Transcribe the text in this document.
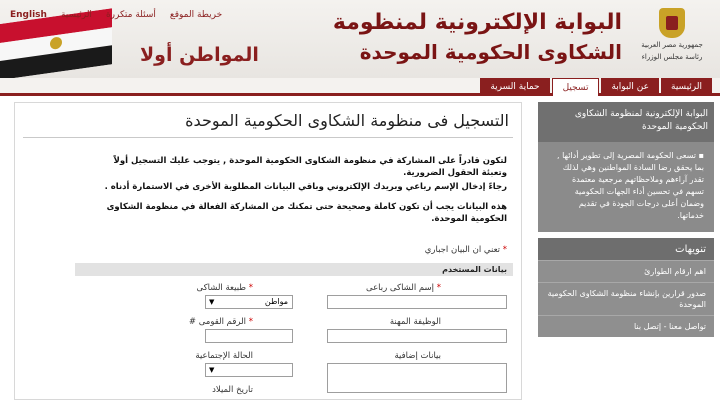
English الرئيسية أسئلة متكررة خريطة الموقع
المواطن أولا
البوابة الإلكترونية لمنظومة
الشكاوى الحكومية الموحدة	جمهورية مصر العربية
رئاسة مجلس الوزراء
الرئيسية
عن البوابة
تسجيل
حماية السرية
البوابة الإلكترونية لمنظومة الشكاوى الحكومية الموحدة
▪ تسعى الحكومة المصرية إلى تطوير أدائها ,
بما يحقق رضا السادة المواطنين وهي لذلك
تقدر آراءهم وملاحظاتهم مرجعية معتمدة
تسهم في تحسين أداء الجهات الحكومية
وضمان أعلى درجات الجودة في تقديم
خدماتها.
تنويهات
اهم ارقام الطوارئ
صدور قرارين بإنشاء منظومة الشكاوى الحكومية الموحدة
تواصل معنا - إتصل بنا
التسجيل فى منظومة الشكاوى الحكومية الموحدة

لتكون قادراً على المشاركة في منظومة الشكاوى الحكومية الموحدة , يتوجب عليك التسجيل أولاً وتعبئة الحقول الضرورية.

رجاءً إدخال الإسم رباعي وبريدك الإلكتروني وباقي البيانات المطلوبة الأخرى في الاستمارة أدناه .

هذه البيانات يجب أن تكون كاملة وصحيحة حتى تمكنك من المشاركة الفعالة في منظومة الشكاوى الحكومية الموحدة.

* تعني ان البيان اجباري
بيانات المستخدم
* إسم الشاكى رباعى
الوظيفة المهنة
بيانات إضافية
* طبيعة الشاكى
مواطن
▼
* الرقم القومى #
الحالة الإجتماعية
▼
تاريخ الميلاد
